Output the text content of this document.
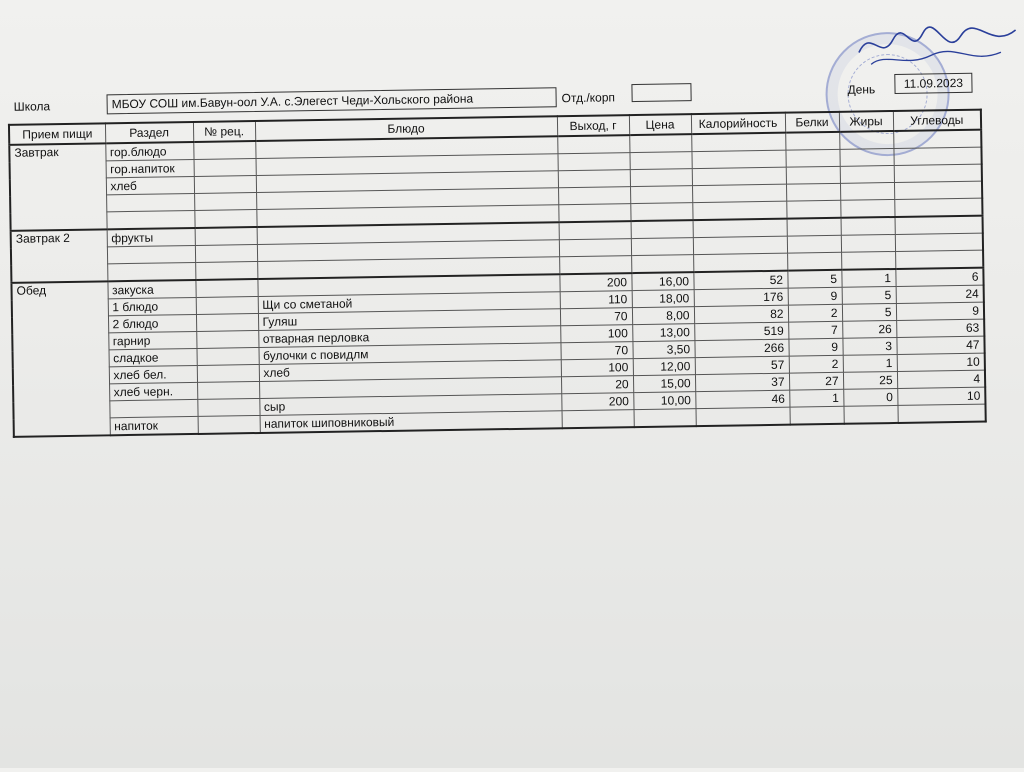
Школа	МБОУ СОШ им.Бавун-оол У.А. с.Элегест Чеди-Хольского района	Отд./корп
День	11.09.2023
Прием пищи	Раздел	№ рец.	Блюдо	Выход, г	Цена	Калорийность	Белки	Жиры	Углеводы
Завтрак	гор.блюдо								
	гор.напиток								
	хлеб								

Завтрак 2	фрукты								

Обед	закуска			200	16,00	52	5	1	6
	1 блюдо		Щи со сметаной	110	18,00	176	9	5	24
	2 блюдо		Гуляш	70	8,00	82	2	5	9
	гарнир		отварная перловка	100	13,00	519	7	26	63
	сладкое		булочки с повидлм	70	3,50	266	9	3	47
	хлеб бел.		хлеб	100	12,00	57	2	1	10
	хлеб черн.			20	15,00	37	27	25	4
			сыр	200	10,00	46	1	0	10
	напиток		напиток шиповниковый						
